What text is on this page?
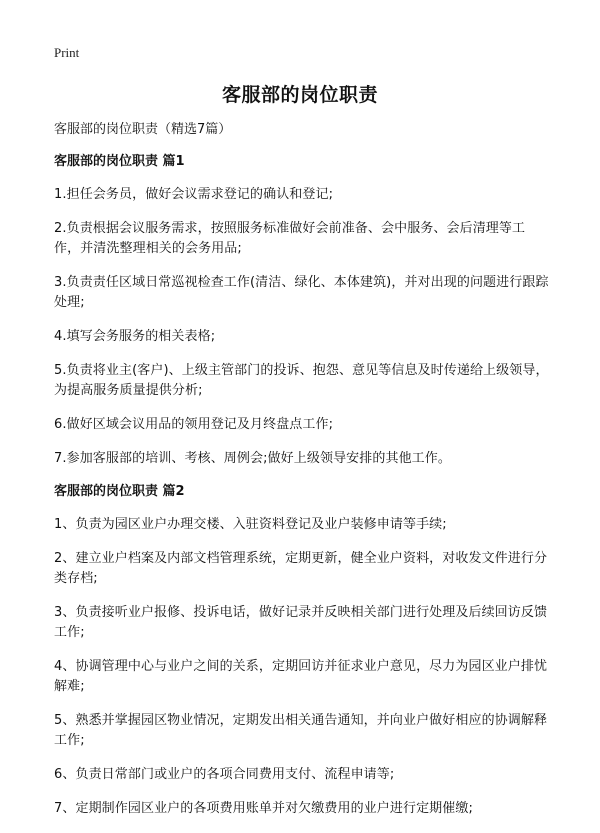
Print
客服部的岗位职责

客服部的岗位职责（精选7篇）

客服部的岗位职责 篇1

1.担任会务员，做好会议需求登记的确认和登记;

2.负责根据会议服务需求，按照服务标准做好会前准备、会中服务、会后清理等工作，并清洗整理相关的会务用品;

3.负责责任区域日常巡视检查工作(清洁、绿化、本体建筑)，并对出现的问题进行跟踪处理;

4.填写会务服务的相关表格;

5.负责将业主(客户)、上级主管部门的投诉、抱怨、意见等信息及时传递给上级领导，为提高服务质量提供分析;

6.做好区域会议用品的领用登记及月终盘点工作;

7.参加客服部的培训、考核、周例会;做好上级领导安排的其他工作。

客服部的岗位职责 篇2

1、负责为园区业户办理交楼、入驻资料登记及业户装修申请等手续;

2、建立业户档案及内部文档管理系统，定期更新，健全业户资料，对收发文件进行分类存档;

3、负责接听业户报修、投诉电话，做好记录并反映相关部门进行处理及后续回访反馈工作;

4、协调管理中心与业户之间的关系，定期回访并征求业户意见，尽力为园区业户排忧解难;

5、熟悉并掌握园区物业情况，定期发出相关通告通知，并向业户做好相应的协调解释工作;

6、负责日常部门或业户的各项合同费用支付、流程申请等;

7、定期制作园区业户的各项费用账单并对欠缴费用的业户进行定期催缴;
